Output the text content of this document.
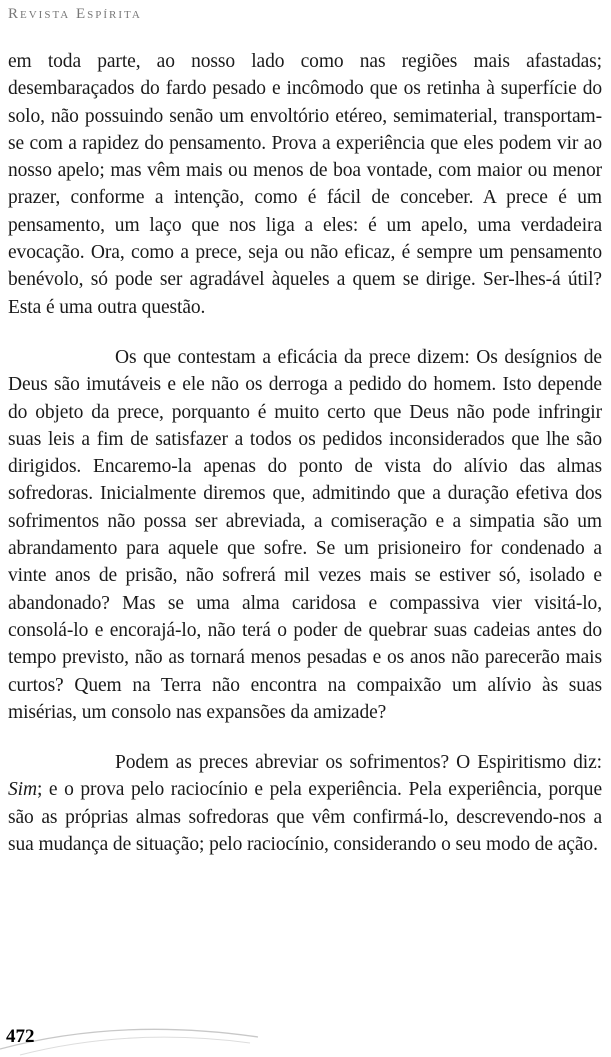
Revista Espírita

em toda parte, ao nosso lado como nas regiões mais afastadas; desembaraçados do fardo pesado e incômodo que os retinha à superfície do solo, não possuindo senão um envoltório etéreo, semimaterial, transportam-se com a rapidez do pensamento. Prova a experiência que eles podem vir ao nosso apelo; mas vêm mais ou menos de boa vontade, com maior ou menor prazer, conforme a intenção, como é fácil de conceber. A prece é um pensamento, um laço que nos liga a eles: é um apelo, uma verdadeira evocação. Ora, como a prece, seja ou não eficaz, é sempre um pensamento benévolo, só pode ser agradável àqueles a quem se dirige. Ser-lhes-á útil? Esta é uma outra questão.

Os que contestam a eficácia da prece dizem: Os desígnios de Deus são imutáveis e ele não os derroga a pedido do homem. Isto depende do objeto da prece, porquanto é muito certo que Deus não pode infringir suas leis a fim de satisfazer a todos os pedidos inconsiderados que lhe são dirigidos. Encaremo-la apenas do ponto de vista do alívio das almas sofredoras. Inicialmente diremos que, admitindo que a duração efetiva dos sofrimentos não possa ser abreviada, a comiseração e a simpatia são um abrandamento para aquele que sofre. Se um prisioneiro for condenado a vinte anos de prisão, não sofrerá mil vezes mais se estiver só, isolado e abandonado? Mas se uma alma caridosa e compassiva vier visitá-lo, consolá-lo e encorajá-lo, não terá o poder de quebrar suas cadeias antes do tempo previsto, não as tornará menos pesadas e os anos não parecerão mais curtos? Quem na Terra não encontra na compaixão um alívio às suas misérias, um consolo nas expansões da amizade?

Podem as preces abreviar os sofrimentos? O Espiritismo diz: Sim; e o prova pelo raciocínio e pela experiência. Pela experiência, porque são as próprias almas sofredoras que vêm confirmá-lo, descrevendo-nos a sua mudança de situação; pelo raciocínio, considerando o seu modo de ação.

472
